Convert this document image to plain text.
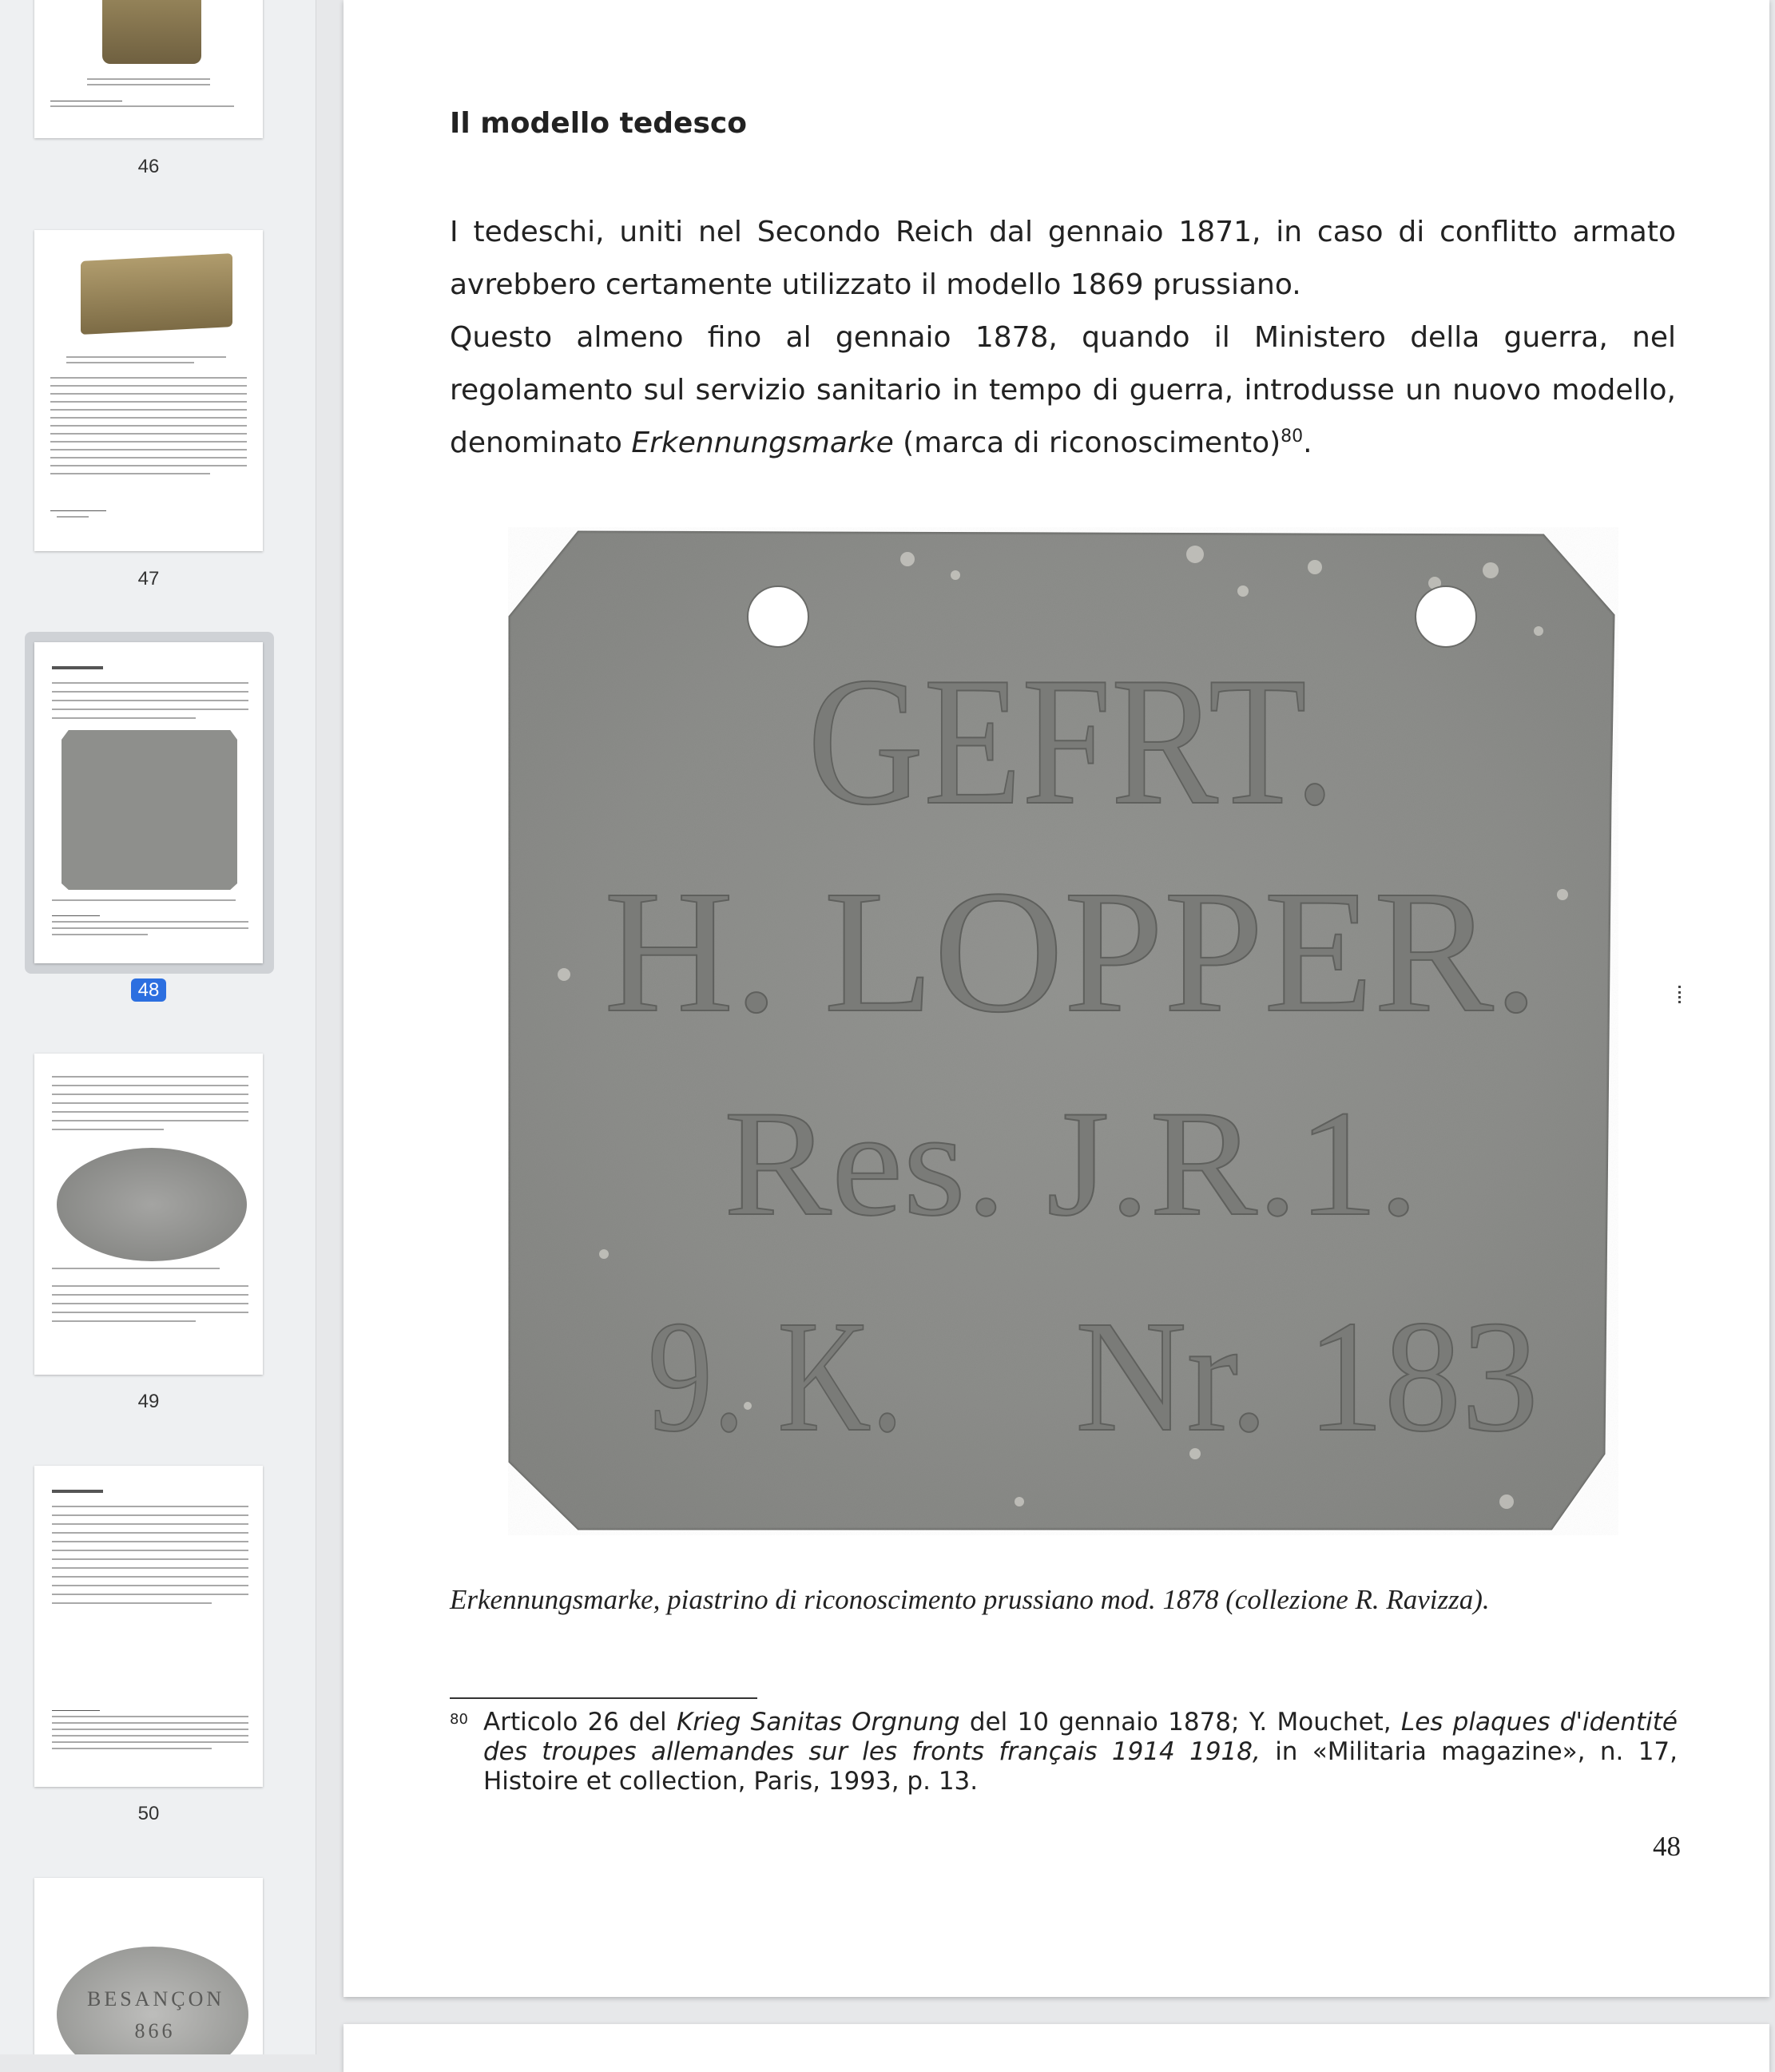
46
47
48
49
50
BESANÇON 866
Il modello tedesco

I tedeschi, uniti nel Secondo Reich dal gennaio 1871, in caso di conflitto armato avrebbero certamente utilizzato il modello 1869 prussiano.

Questo almeno fino al gennaio 1878, quando il Ministero della guerra, nel regolamento sul servizio sanitario in tempo di guerra, introdusse un nuovo modello, denominato Erkennungsmarke (marca di riconoscimento)$^{80}$.

GEFRT.
H. LOPPER.
Res. J.R.1.
9. K. Nr. 183
Erkennungsmarke, piastrino di riconoscimento prussiano mod. 1878 (collezione R. Ravizza).
80 Articolo 26 del Krieg Sanitas Orgnung del 10 gennaio 1878; Y. Mouchet, Les plaques d'identité des troupes allemandes sur les fronts français 1914 1918, in «Militaria magazine», n. 17, Histoire et collection, Paris, 1993, p. 13.
48
